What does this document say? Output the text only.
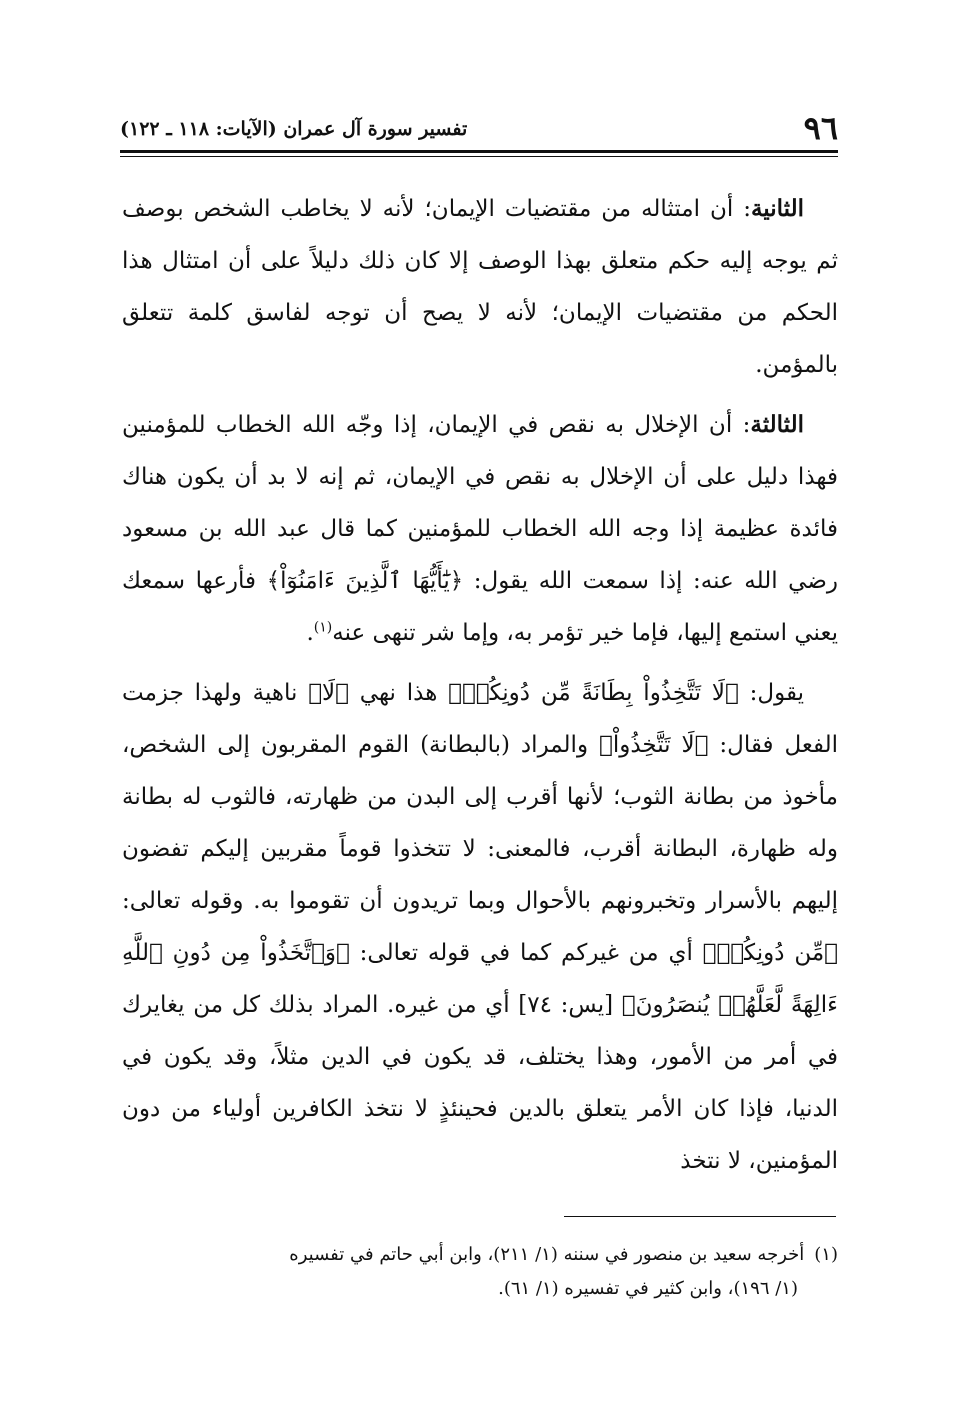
٩٦
تفسير سورة آل عمران (الآيات: ١١٨ ـ ١٢٢)

الثانية: أن امتثاله من مقتضيات الإيمان؛ لأنه لا يخاطب الشخص بوصف ثم يوجه إليه حكم متعلق بهذا الوصف إلا كان ذلك دليلاً على أن امتثال هذا الحكم من مقتضيات الإيمان؛ لأنه لا يصح أن توجه لفاسق كلمة تتعلق بالمؤمن.

الثالثة: أن الإخلال به نقص في الإيمان، إذا وجّه الله الخطاب للمؤمنين فهذا دليل على أن الإخلال به نقص في الإيمان، ثم إنه لا بد أن يكون هناك فائدة عظيمة إذا وجه الله الخطاب للمؤمنين كما قال عبد الله بن مسعود رضي الله عنه: إذا سمعت الله يقول: ﴿يَٰٓأَيُّهَا ٱلَّذِينَ ءَامَنُوٓاْ﴾ فأرعها سمعك يعني استمع إليها، فإما خير تؤمر به، وإما شر تنهى عنه$^{(١)}$.

يقول: ﴿لَا تَتَّخِذُواْ بِطَانَةً مِّن دُونِكُمۡ﴾ هذا نهي ﴿لَا﴾ ناهية ولهذا جزمت الفعل فقال: ﴿لَا تَتَّخِذُواْ﴾ والمراد (بالبطانة) القوم المقربون إلى الشخص، مأخوذ من بطانة الثوب؛ لأنها أقرب إلى البدن من ظهارته، فالثوب له بطانة وله ظهارة، البطانة أقرب، فالمعنى: لا تتخذوا قوماً مقربين إليكم تفضون إليهم بالأسرار وتخبرونهم بالأحوال وبما تريدون أن تقوموا به. وقوله تعالى: ﴿مِّن دُونِكُمۡ﴾ أي من غيركم كما في قوله تعالى: ﴿وَٱتَّخَذُواْ مِن دُونِ ٱللَّهِ ءَالِهَةً لَّعَلَّهُمۡ يُنصَرُونَ﴾ [يس: ٧٤] أي من غيره. المراد بذلك كل من يغايرك في أمر من الأمور، وهذا يختلف، قد يكون في الدين مثلاً، وقد يكون في الدنيا، فإذا كان الأمر يتعلق بالدين فحينئذٍ لا نتخذ الكافرين أولياء من دون المؤمنين، لا نتخذ

(١)أخرجه سعيد بن منصور في سننه (١/ ٢١١)، وابن أبي حاتم في تفسيره

(١/ ١٩٦)، وابن كثير في تفسيره (١/ ٦١).
